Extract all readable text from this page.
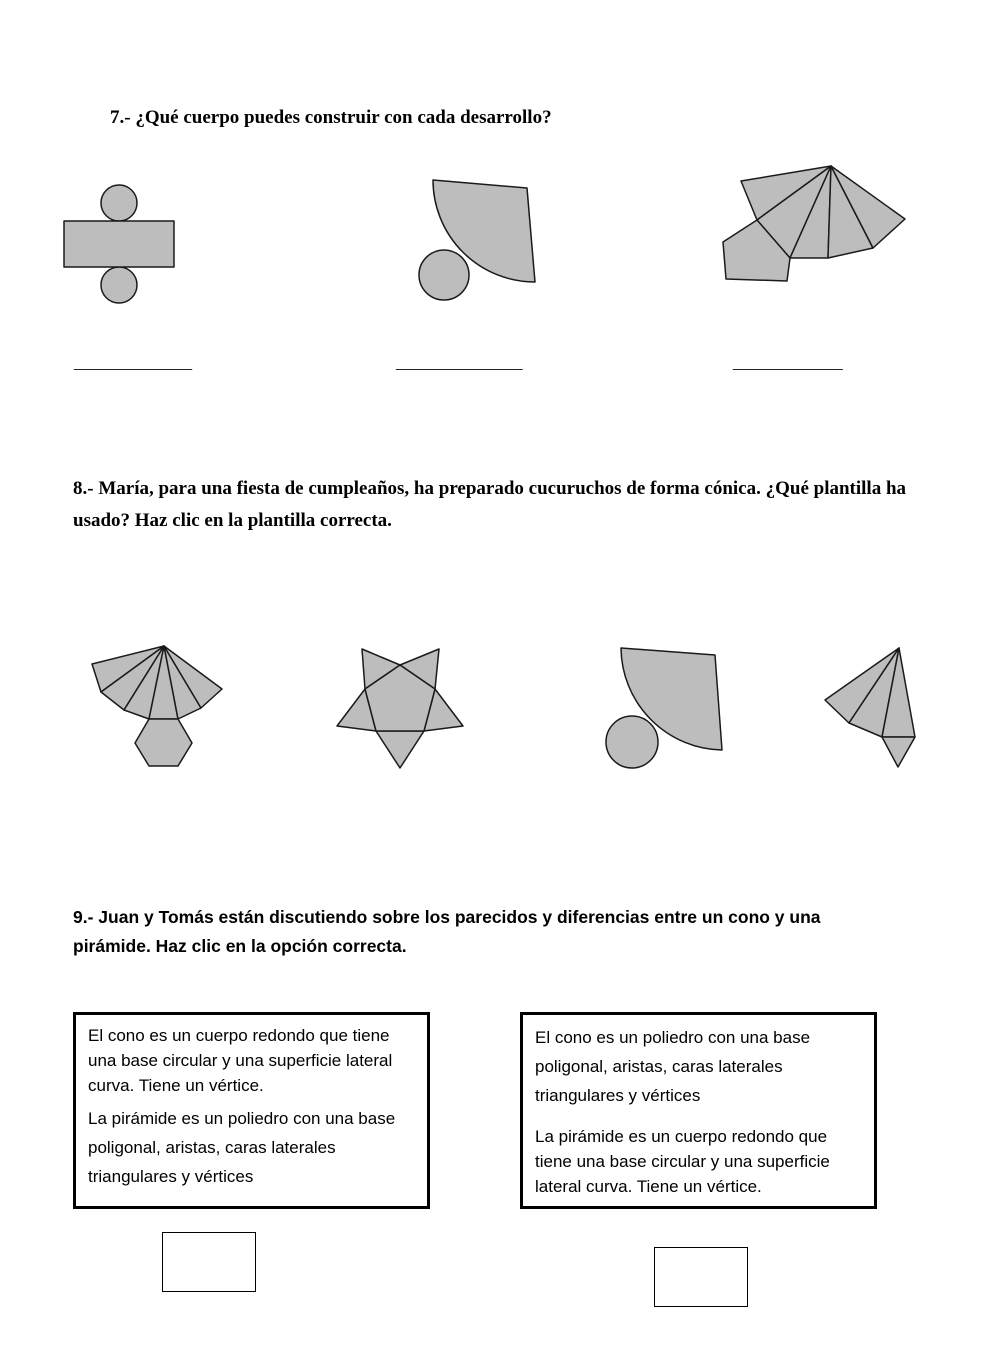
7.- ¿Qué cuerpo puedes construir con cada desarrollo?

______________	_______________	_____________

8.- María, para una fiesta de cumpleaños, ha preparado cucuruchos de forma cónica. ¿Qué plantilla ha

usado? Haz clic en la plantilla correcta.

9.- Juan y Tomás están discutiendo sobre los parecidos y diferencias entre un cono y una

pirámide. Haz clic en la opción correcta.

El cono es un cuerpo redondo que tiene una base circular y una superficie lateral curva. Tiene un vértice.

La pirámide es un poliedro con una base poligonal, aristas, caras laterales triangulares y vértices

El cono es un poliedro con una base poligonal, aristas, caras laterales triangulares y vértices

La pirámide es un cuerpo redondo que tiene una base circular y una superficie lateral curva. Tiene un vértice.
